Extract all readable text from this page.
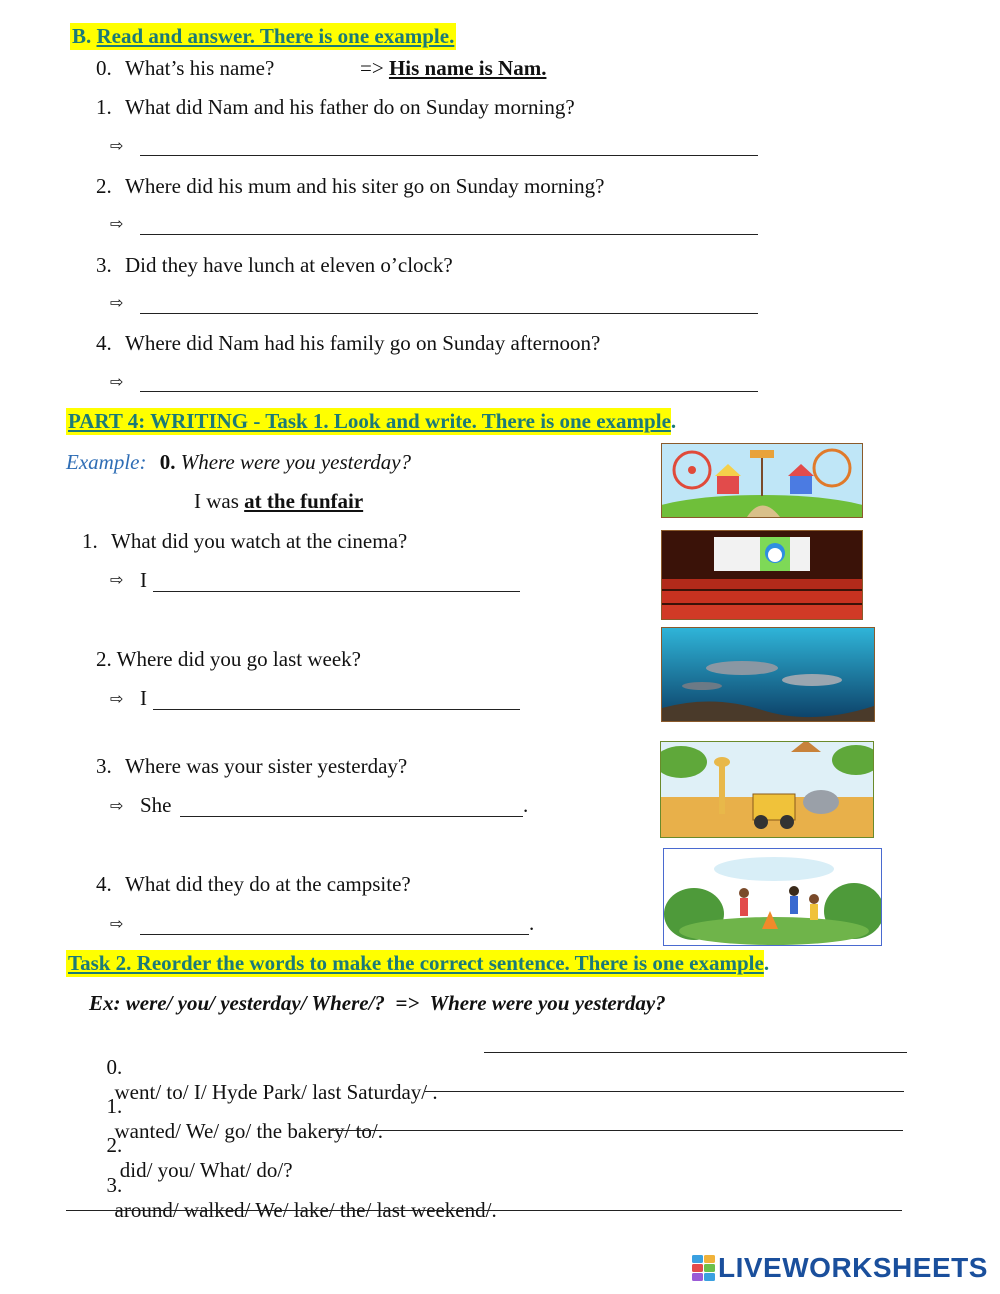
B. Read and answer. There is one example.
0. What’s his name?	=> His name is Nam.
1. What did Nam and his father do on Sunday morning?
⇨
2. Where did his mum and his siter go on Sunday morning?
⇨
3. Did they have lunch at eleven o’clock?
⇨
4. Where did Nam had his family go on Sunday afternoon?
⇨
PART 4: WRITING - Task 1. Look and write. There is one example.
Example: 0. Where were you yesterday?
I was at the funfair
1. What did you watch at the cinema?
⇨ I
2. Where did you go last week?
⇨ I
3. Where was your sister yesterday?
⇨ She	.
4. What did they do at the campsite?
⇨	.
Task 2. Reorder the words to make the correct sentence. There is one example.
Ex: were/ you/ yesterday/ Where/?  =>  Where were you yesterday?

0.
went/ to/ I/ Hyde Park/ last Saturday/ .

1.
wanted/ We/ go/ the bakery/ to/.

2.
did/ you/ What/ do/?

3.
around/ walked/ We/ lake/ the/ last weekend/.

LIVEWORKSHEETS
